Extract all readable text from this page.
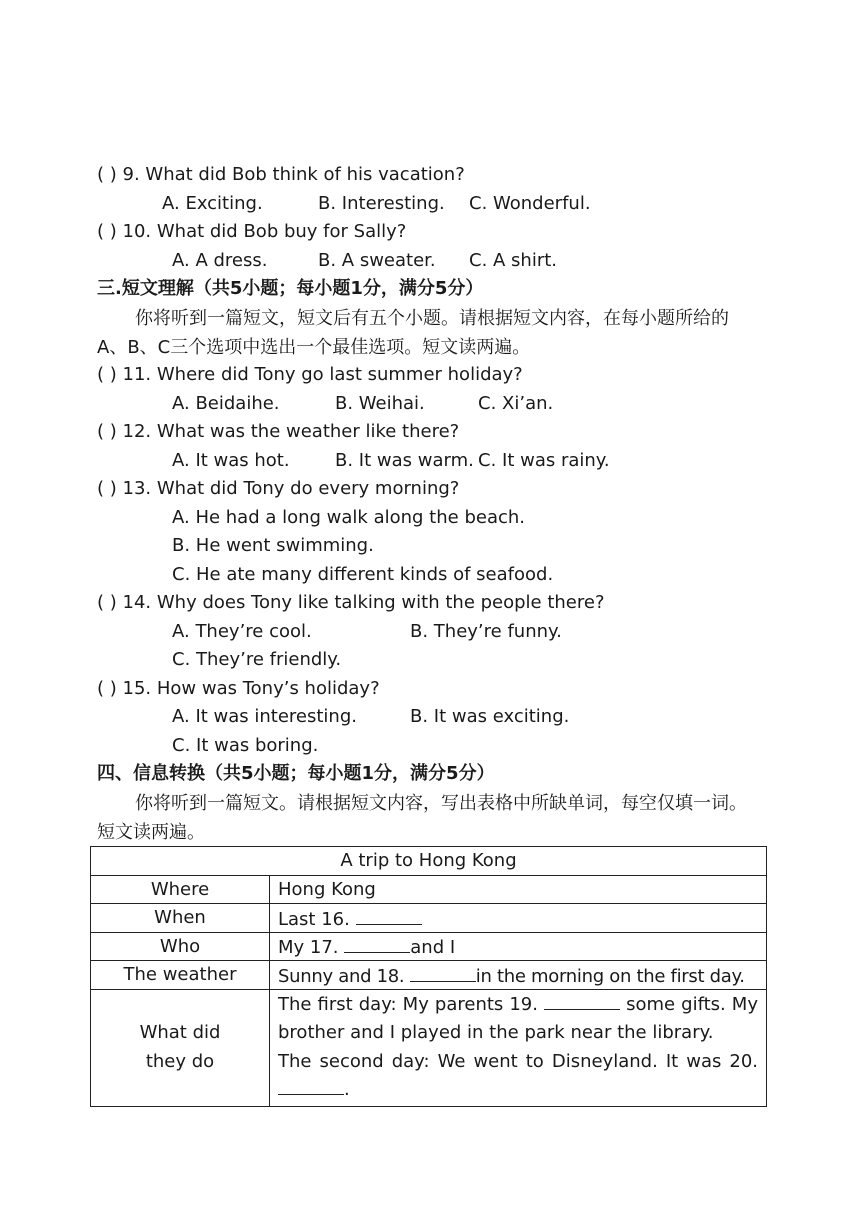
( ) 9. What did Bob think of his vacation?
A. Exciting.	B. Interesting. C. Wonderful.
( ) 10. What did Bob buy for Sally?
A. A dress.	B. A sweater. C. A shirt.
三.短文理解（共5小题；每小题1分，满分5分）
你将听到一篇短文，短文后有五个小题。请根据短文内容，在每小题所给的A、B、C三个选项中选出一个最佳选项。短文读两遍。
( ) 11. Where did Tony go last summer holiday?
A. Beidaihe.	B. Weihai.	C. Xi’an.
( ) 12. What was the weather like there?
A. It was hot.	B. It was warm. C. It was rainy.
( ) 13. What did Tony do every morning?
A. He had a long walk along the beach.
B. He went swimming.
C. He ate many different kinds of seafood.
( ) 14. Why does Tony like talking with the people there?
A. They’re cool.	B. They’re funny.
C. They’re friendly.
( ) 15. How was Tony’s holiday?
A. It was interesting.	B. It was exciting.
C. It was boring.
四、信息转换（共5小题；每小题1分，满分5分）
你将听到一篇短文。请根据短文内容，写出表格中所缺单词，每空仅填一词。短文读两遍。
A trip to Hong Kong	
Where	Hong Kong
When	Last 16.
Who	My 17. and I
The weather	Sunny and 18. in the morning on the first day.
What did
they do	The first day: My parents 19. some gifts. My brother and I played in the park near the library.
The second day: We went to Disneyland. It was 20. .
